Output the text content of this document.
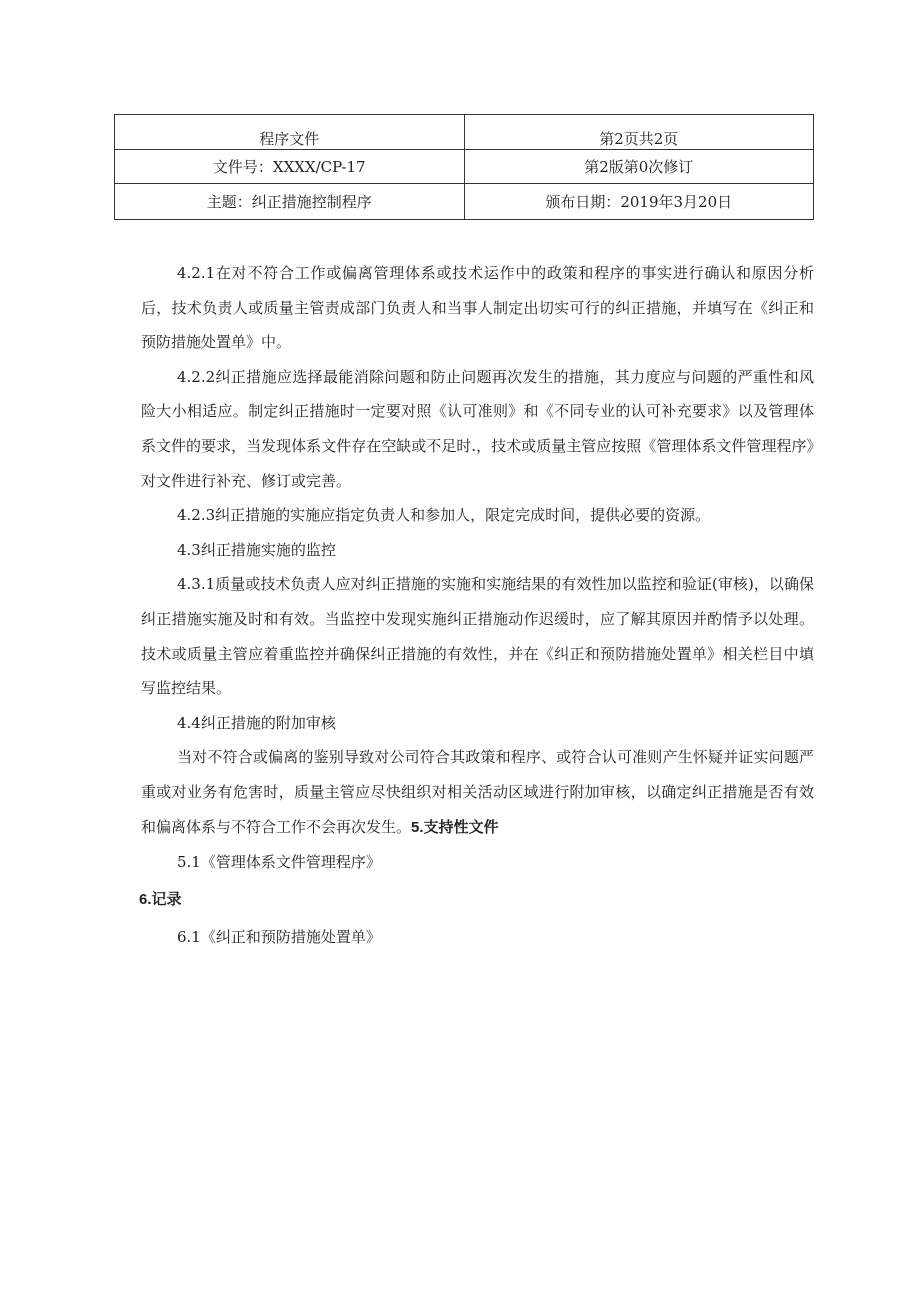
程序文件	第2页共2页
文件号：XXXX/CP-17	第2版第0次修订
主题：纠正措施控制程序	颁布日期：2019年3月20日

4.2.1在对不符合工作或偏离管理体系或技术运作中的政策和程序的事实进行确认和原因分析后，技术负责人或质量主管责成部门负责人和当事人制定出切实可行的纠正措施，并填写在《纠正和预防措施处置单》中。

4.2.2纠正措施应选择最能消除问题和防止问题再次发生的措施，其力度应与问题的严重性和风险大小相适应。制定纠正措施时一定要对照《认可准则》和《不同专业的认可补充要求》以及管理体系文件的要求，当发现体系文件存在空缺或不足时.，技术或质量主管应按照《管理体系文件管理程序》对文件进行补充、修订或完善。

4.2.3纠正措施的实施应指定负责人和参加人，限定完成时间，提供必要的资源。

4.3纠正措施实施的监控

4.3.1质量或技术负责人应对纠正措施的实施和实施结果的有效性加以监控和验证(审核)，以确保纠正措施实施及时和有效。当监控中发现实施纠正措施动作迟缓时，应了解其原因并酌情予以处理。技术或质量主管应着重监控并确保纠正措施的有效性，并在《纠正和预防措施处置单》相关栏目中填写监控结果。

4.4纠正措施的附加审核

当对不符合或偏离的鉴别导致对公司符合其政策和程序、或符合认可准则产生怀疑并证实问题严重或对业务有危害时，质量主管应尽快组织对相关活动区域进行附加审核，以确定纠正措施是否有效和偏离体系与不符合工作不会再次发生。5.支持性文件

5.1《管理体系文件管理程序》

6.记录

6.1《纠正和预防措施处置单》
